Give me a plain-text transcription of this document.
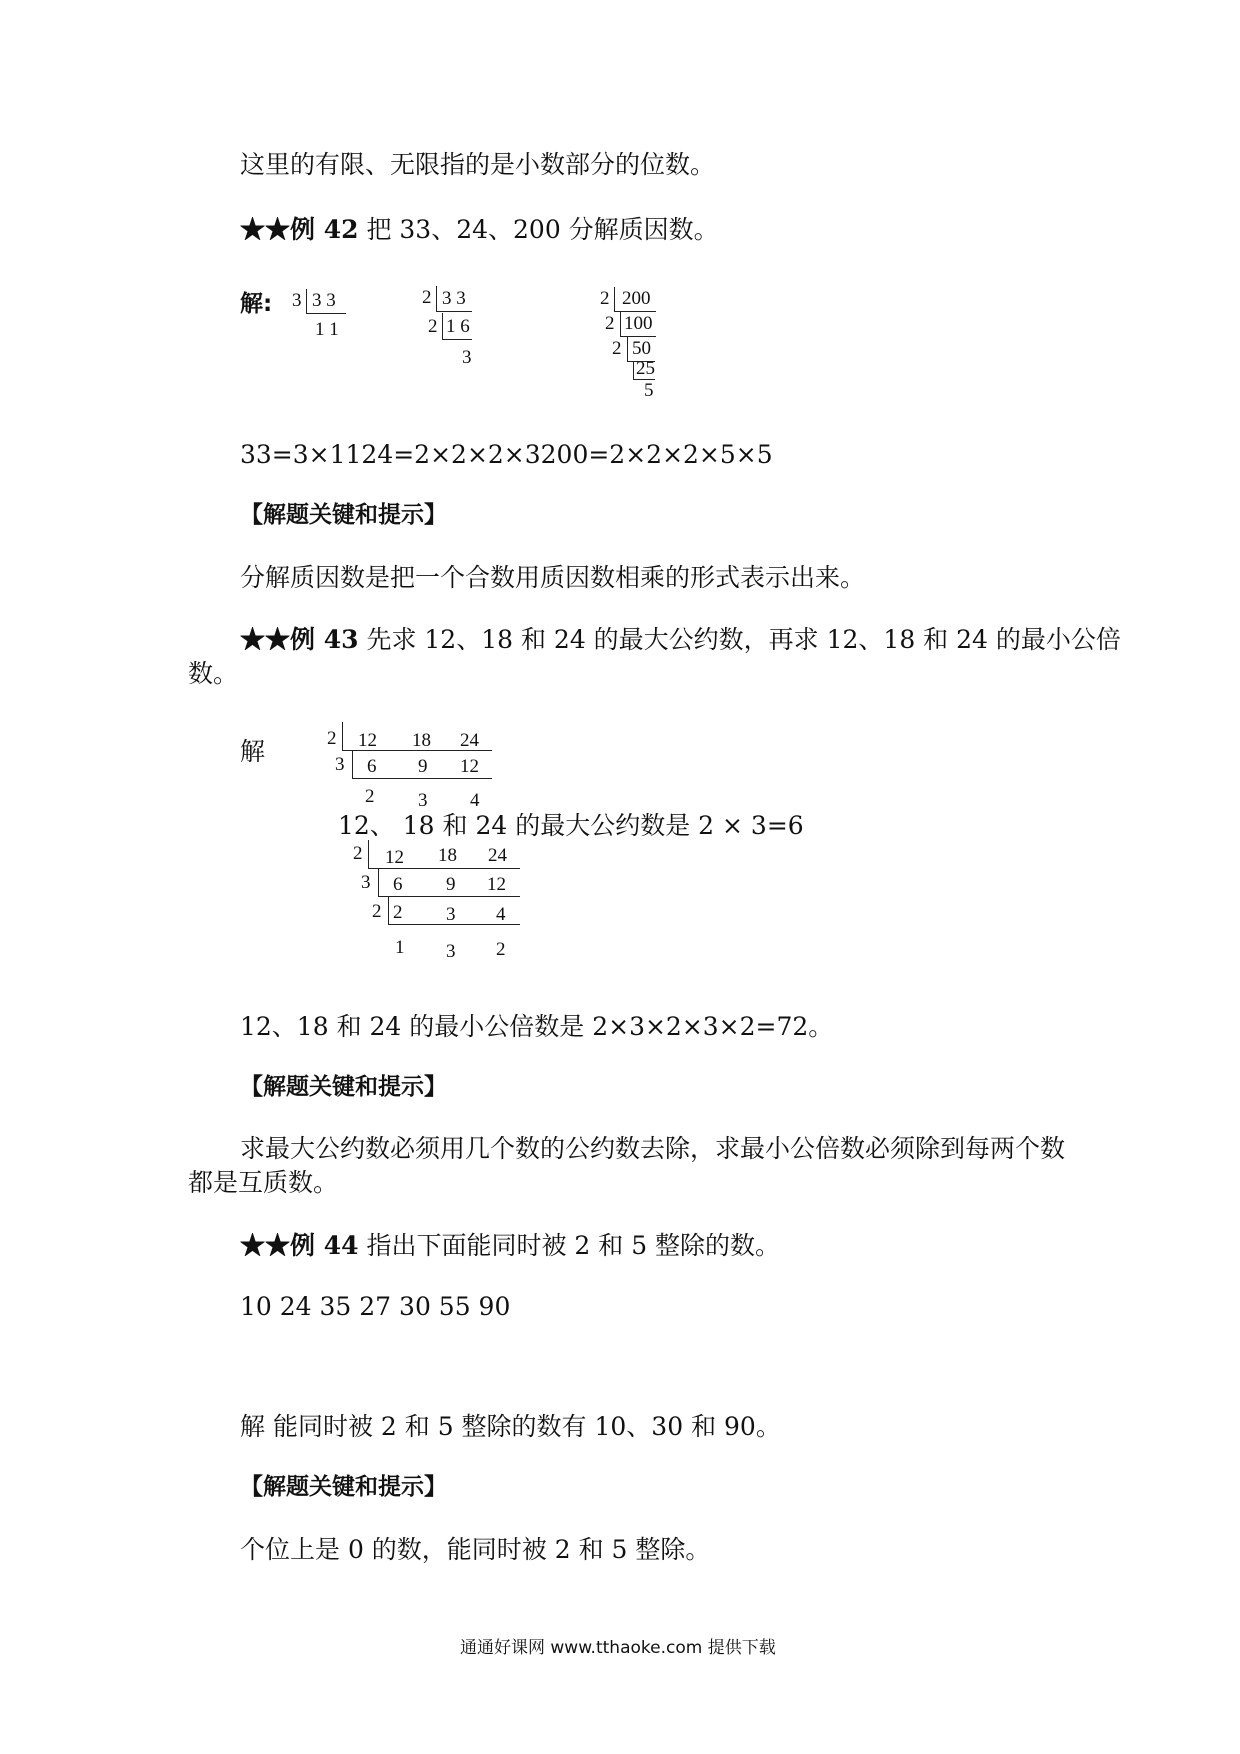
这里的有限、无限指的是小数部分的位数。
★★例 42 把 33、24、200 分解质因数。
解: 3 3 3
1 1
2 3 3
2 1 6
3
2 200
2 100
2 50
25
5
33=3×1124=2×2×2×3200=2×2×2×5×5
【解题关键和提示】
分解质因数是把一个合数用质因数相乘的形式表示出来。
★★例 43 先求 12、18 和 24 的最大公约数，再求 12、18 和 24 的最小公倍
数。
解	2 12 18 24
3 6 9 12
2 3 4
12、 18 和 24 的最大公约数是 2 × 3=6
2 12 18 24
3 6 9 12
2 2 3 4
1 3 2
12、18 和 24 的最小公倍数是 2×3×2×3×2=72。
【解题关键和提示】
求最大公约数必须用几个数的公约数去除，求最小公倍数必须除到每两个数
都是互质数。
★★例 44 指出下面能同时被 2 和 5 整除的数。
10 24 35 27 30 55 90
解 能同时被 2 和 5 整除的数有 10、30 和 90。
【解题关键和提示】
个位上是 0 的数，能同时被 2 和 5 整除。
通通好课网 www.tthaoke.com 提供下载
